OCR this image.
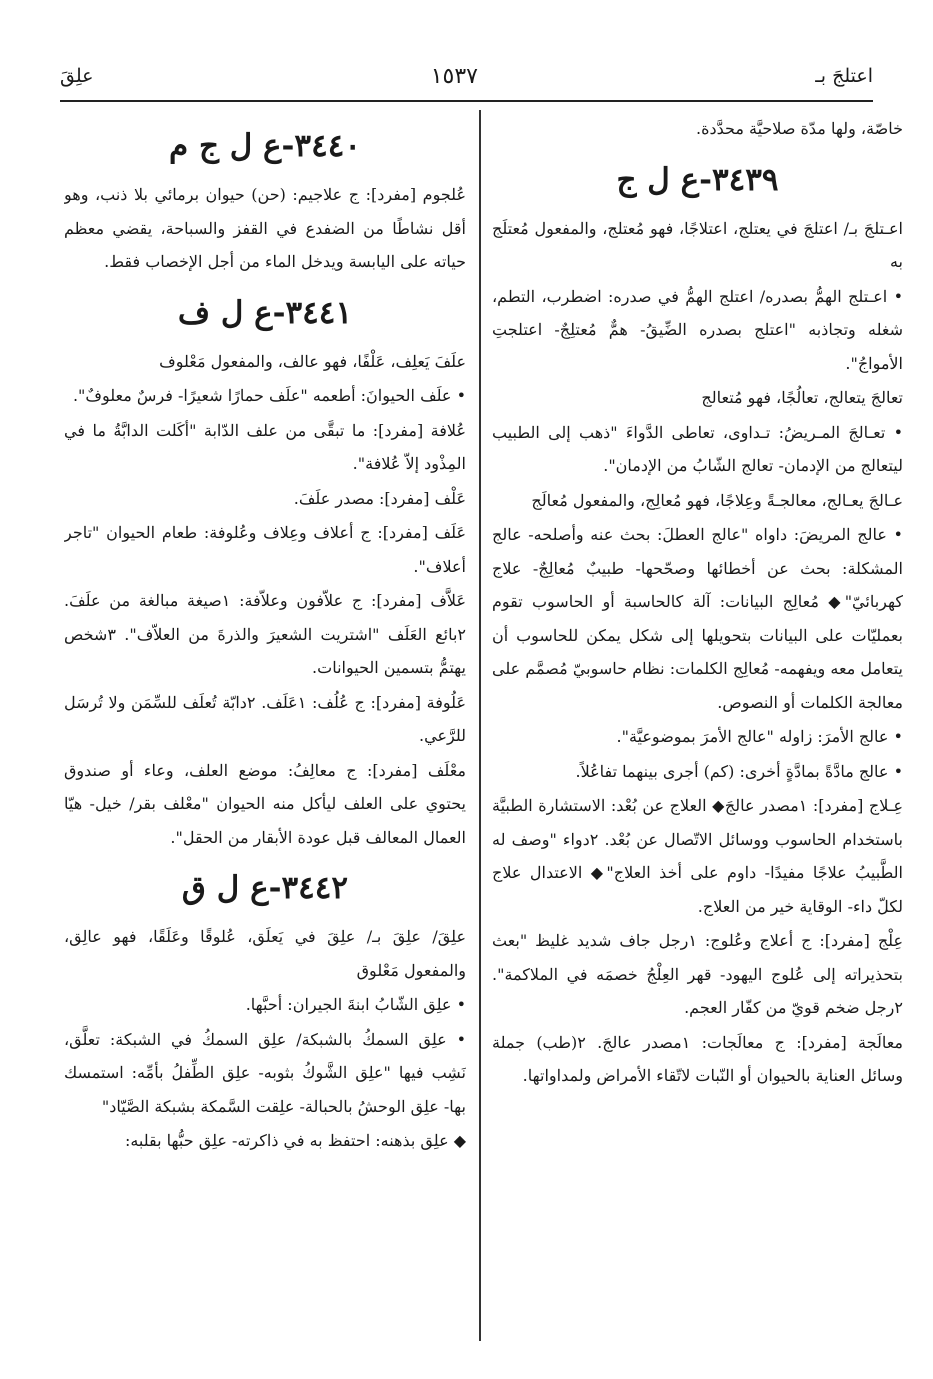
اعتلجَ بـ
١٥٣٧
علِقَ

خاصّة، ولها مدّة صلاحيَّة محدَّدة.

٣٤٣٩-ع ل ج

اعـتلجَ بـ/ اعتلجَ في يعتلج، اعتلاجًا، فهو مُعتلج، والمفعول مُعتلَج به

• اعـتلج الهمُّ بصدره/ اعتلج الهمُّ في صدره: اضطرب، التطم، شغله وتجاذبه "اعتلج بصدره الضِّيقُ- همٌّ مُعتلِجٌ- اعتلجتِ الأمواجُ".

تعالجَ يتعالج، تعالُجًا، فهو مُتعالج

• تعـالجَ المـريضُ: تـداوى، تعاطى الدَّواءَ "ذهب إلى الطبيب ليتعالج من الإدمان- تعالج الشّابُ من الإدمان".

عـالجَ يعـالج، معالجـةً وعِلاجًا، فهو مُعالِج، والمفعول مُعالَج

• عالج المريضَ: داواه "عالج العطلَ: بحث عنه وأصلحه- عالج المشكلة: بحث عن أخطائها وصحّحها- طبيبٌ مُعالِجٌ- علاج كهربائيّ"◆ مُعالِج البيانات: آلة كالحاسبة أو الحاسوب تقوم بعمليّات على البيانات بتحويلها إلى شكل يمكن للحاسوب أن يتعامل معه ويفهمه- مُعالِج الكلمات: نظام حاسوبيّ مُصمَّم على معالجة الكلمات أو النصوص.

• عالج الأمرَ: زاوله "عالج الأمرَ بموضوعيَّة".

• عالج مادَّةً بمادَّةٍ أخرى: (كم) أجرى بينهما تفاعُلاً.

عِـلاج [مفرد]: ١مصدر عالجَ◆ العلاج عن بُعْد: الاستشارة الطبيَّة باستخدام الحاسوب ووسائل الاتّصال عن بُعْد. ٢دواء "وصف له الطَّبيبُ علاجًا مفيدًا- داوم على أخذ العلاج"◆ الاعتدال علاج لكلّ داء- الوقاية خير من العلاج.

عِلْج [مفرد]: ج أعلاج وعُلوج: ١رجل جاف شديد غليظ "بعث بتحذيراته إلى عُلوج اليهود- قهر العِلْجُ خصمَه في الملاكمة". ٢رجل ضخم قويّ من كفّار العجم.

معالَجة [مفرد]: ج معالَجات: ١مصدر عالجَ. ٢(طب) جملة وسائل العناية بالحيوان أو النّبات لاتّقاء الأمراض ولمداواتها.

٣٤٤٠-ع ل ج م

عُلجوم [مفرد]: ج علاجيم: (حن) حيوان برمائي بلا ذنب، وهو أقل نشاطًا من الضفدع في القفز والسباحة، يقضي معظم حياته على اليابسة ويدخل الماء من أجل الإخصاب فقط.

٣٤٤١-ع ل ف

علَفَ يَعلِف، عَلْفًا، فهو عالف، والمفعول مَعْلوف

• علَف الحيوانَ: أطعمه "علَف حمارًا شعيرًا- فرسٌ معلوفٌ".

عُلافة [مفرد]: ما تبقَّى من علف الدّابة "أكَلت الدابَّةُ ما في المِذْود إلاّ عُلافة".

عَلْف [مفرد]: مصدر علَفَ.

عَلَف [مفرد]: ج أعلاف وعِلاف وعُلوفة: طعام الحيوان "تاجر أعلاف".

عَلاَّف [مفرد]: ج علاّفون وعلاّفة: ١صيغة مبالغة من علَفَ. ٢بائع العَلَف "اشتريت الشعيرَ والذرةَ من العلاّف". ٣شخص يهتمُّ بتسمين الحيوانات.

عَلُوفة [مفرد]: ج عُلُف: ١عَلَف. ٢دابّة تُعلَف للسِّمَن ولا تُرسَل للرَّعي.

معْلَف [مفرد]: ج معالِفُ: موضع العلف، وعاء أو صندوق يحتوي على العلف ليأكل منه الحيوان "معْلف بقر/ خيل- هيّا العمال المعالف قبل عودة الأبقار من الحقل".

٣٤٤٢-ع ل ق

علِقَ/ علِقَ بـ/ علِقَ في يَعلَق، عُلوقًا وعَلَقًا، فهو عالِق، والمفعول مَعْلوق

• علِق الشّابُ ابنةَ الجيران: أحبَّها.

• علِق السمكُ بالشبكة/ علِق السمكُ في الشبكة: تعلَّق، نَشِب فيها "علِق الشَّوكُ بثوبه- علِق الطِّفلُ بأمِّه: استمسك بها- علِق الوحشُ بالحبالة- علِقت السَّمكة بشبكة الصَّيّاد"

◆ علِق بذهنه: احتفظ به في ذاكرته- علِق حبُّها بقلبه:
